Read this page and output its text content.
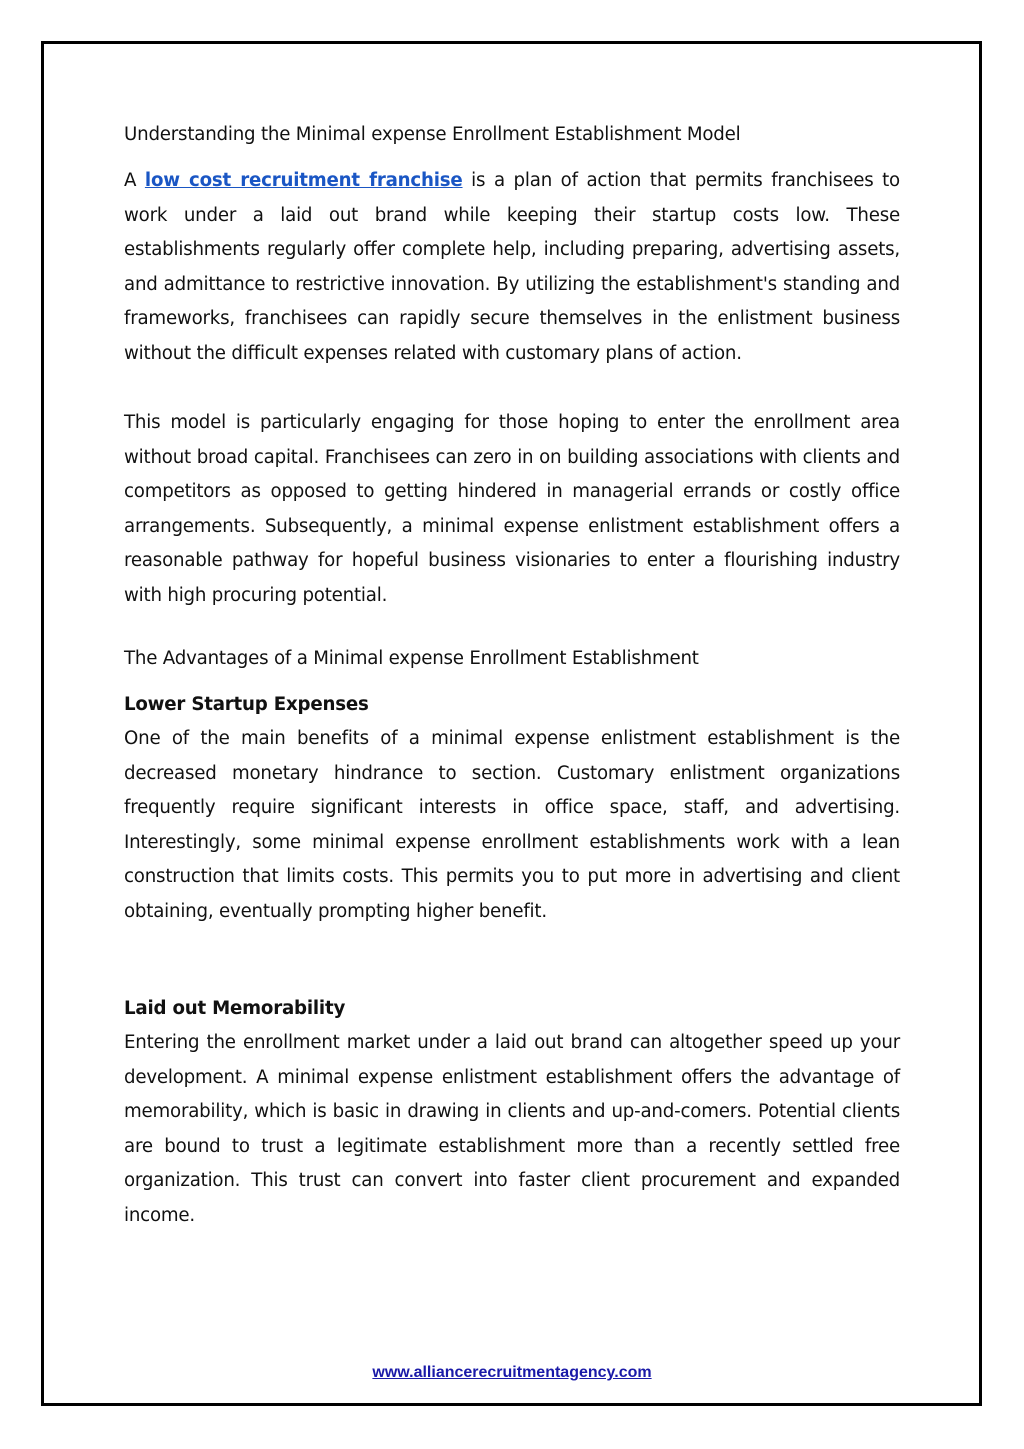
Understanding the Minimal expense Enrollment Establishment Model

A low cost recruitment franchise is a plan of action that permits franchisees to work under a laid out brand while keeping their startup costs low. These establishments regularly offer complete help, including preparing, advertising assets, and admittance to restrictive innovation. By utilizing the establishment's standing and frameworks, franchisees can rapidly secure themselves in the enlistment business without the difficult expenses related with customary plans of action.

This model is particularly engaging for those hoping to enter the enrollment area without broad capital. Franchisees can zero in on building associations with clients and competitors as opposed to getting hindered in managerial errands or costly office arrangements. Subsequently, a minimal expense enlistment establishment offers a reasonable pathway for hopeful business visionaries to enter a flourishing industry with high procuring potential.

The Advantages of a Minimal expense Enrollment Establishment

Lower Startup Expenses

One of the main benefits of a minimal expense enlistment establishment is the decreased monetary hindrance to section. Customary enlistment organizations frequently require significant interests in office space, staff, and advertising. Interestingly, some minimal expense enrollment establishments work with a lean construction that limits costs. This permits you to put more in advertising and client obtaining, eventually prompting higher benefit.

Laid out Memorability

Entering the enrollment market under a laid out brand can altogether speed up your development. A minimal expense enlistment establishment offers the advantage of memorability, which is basic in drawing in clients and up-and-comers. Potential clients are bound to trust a legitimate establishment more than a recently settled free organization. This trust can convert into faster client procurement and expanded income.

www.alliancerecruitmentagency.com
